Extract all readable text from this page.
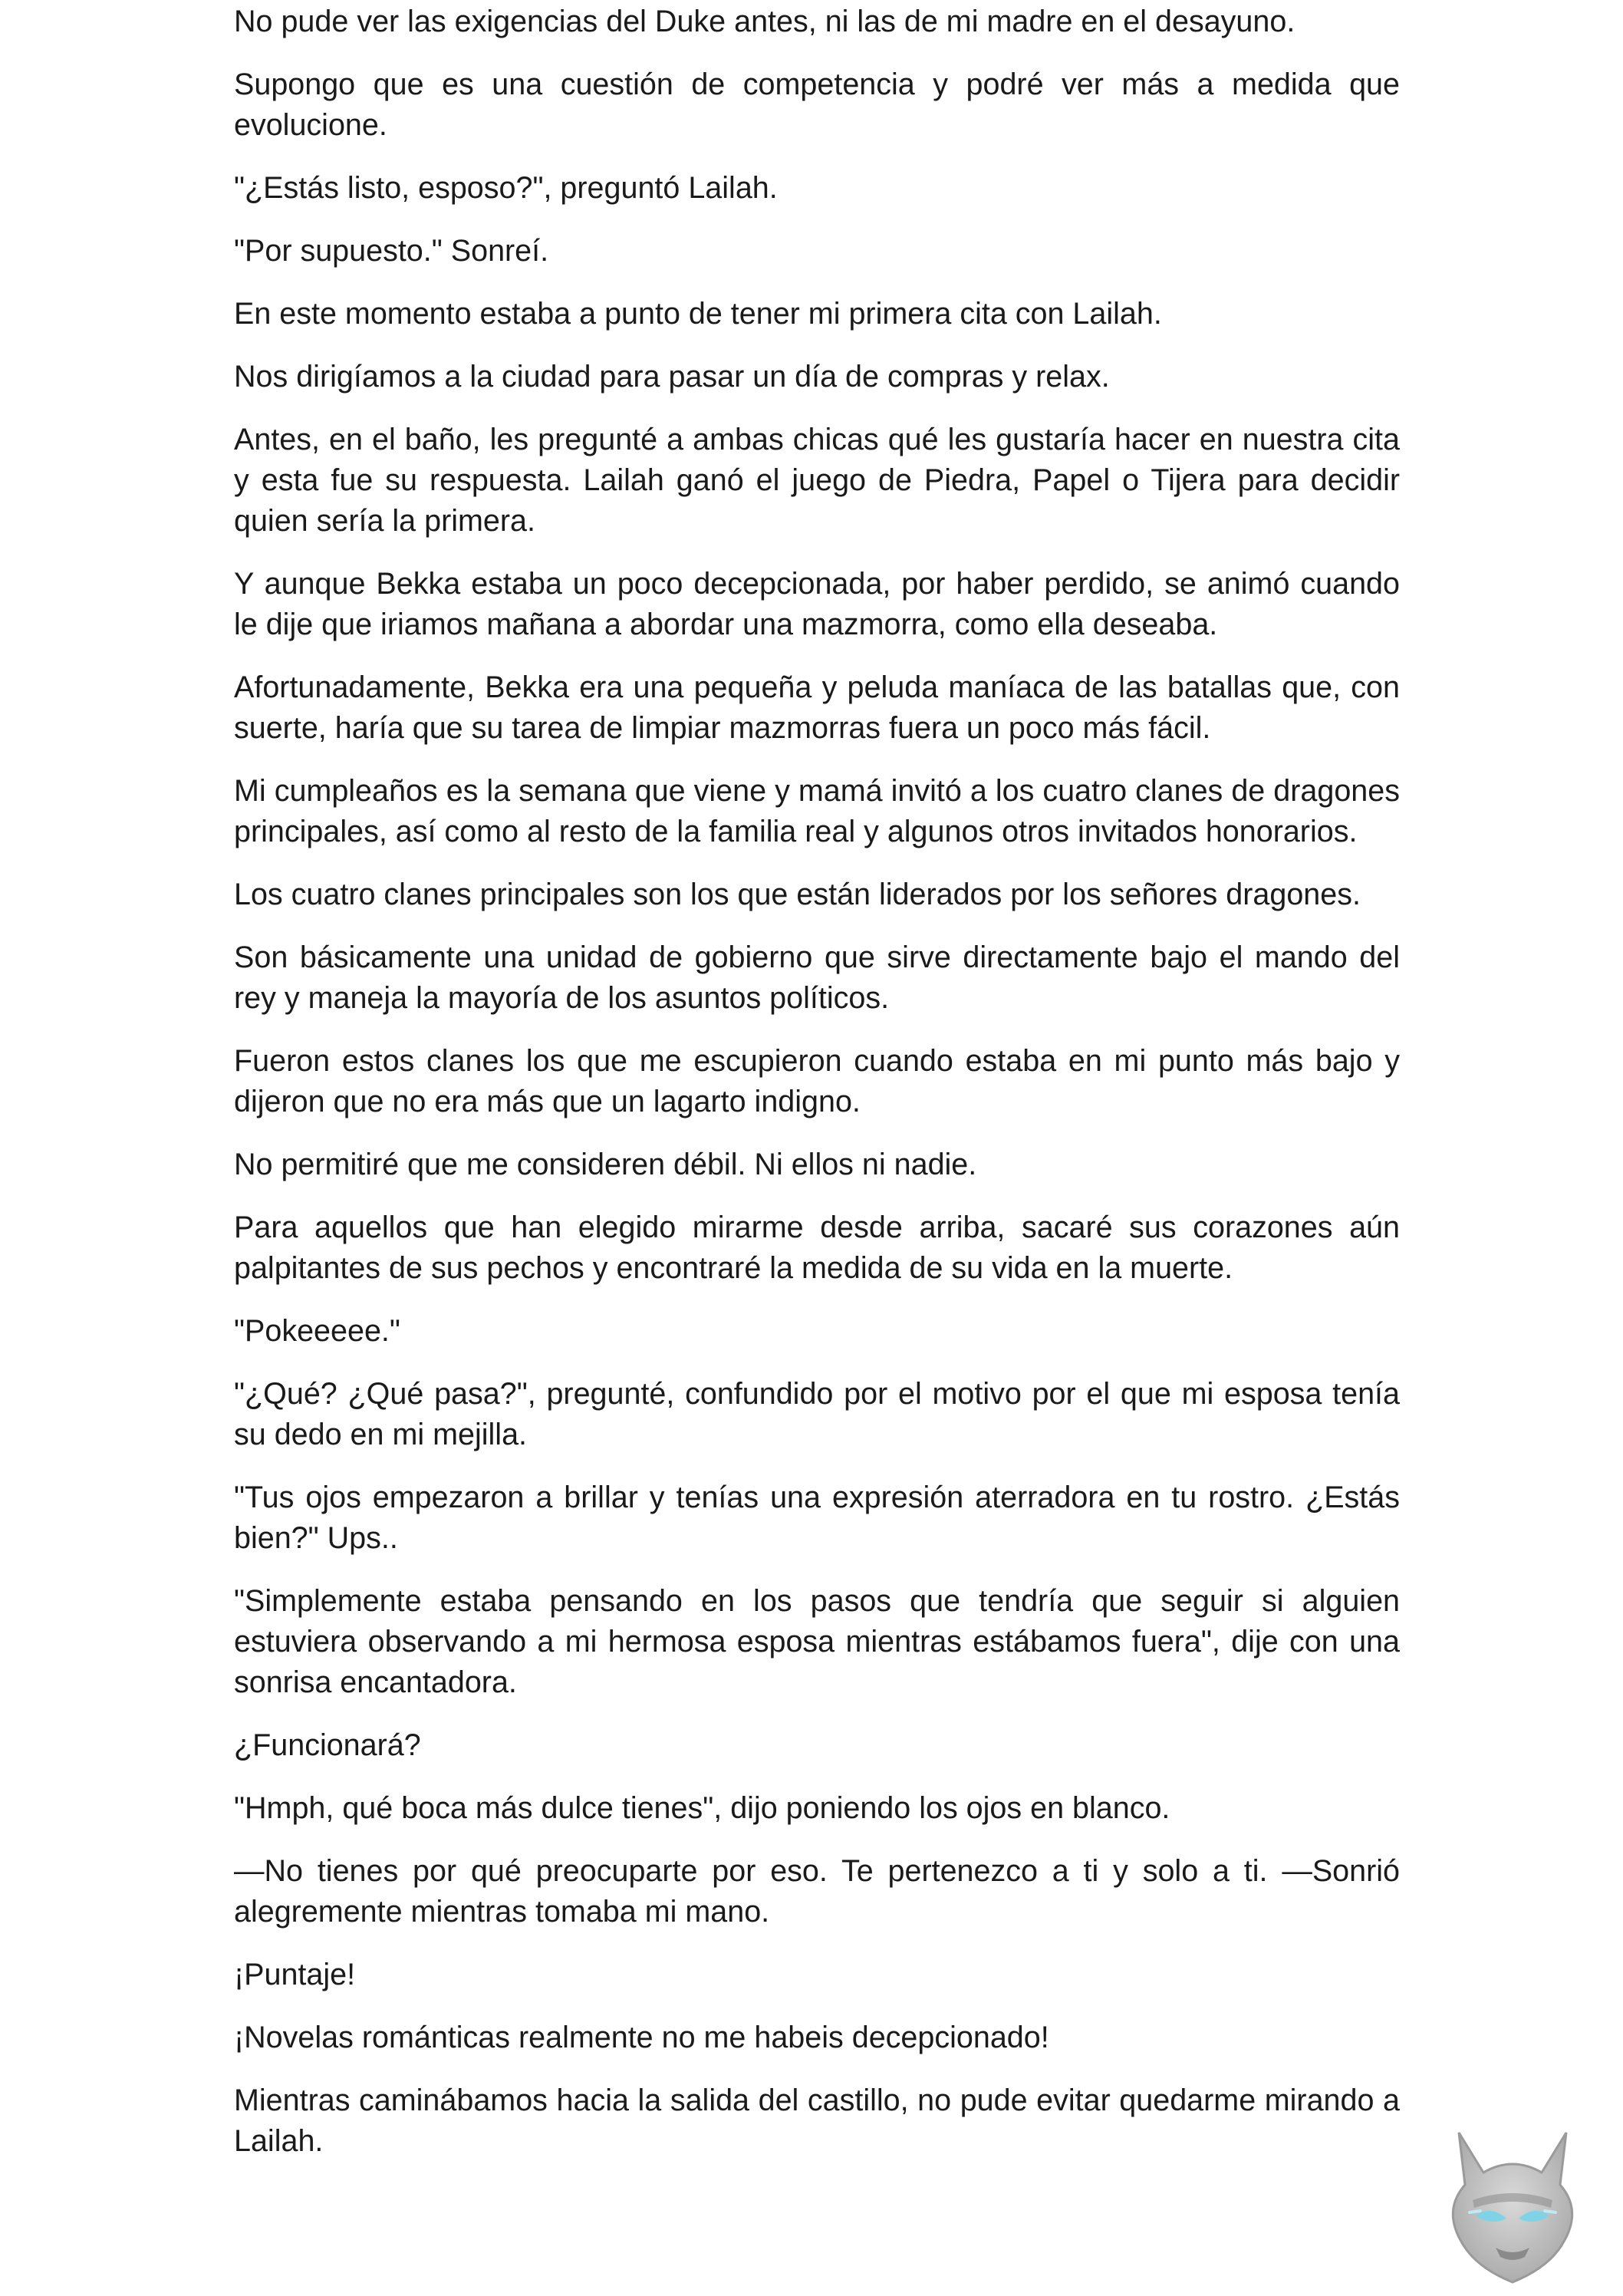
No pude ver las exigencias del Duke antes, ni las de mi madre en el desayuno.

Supongo que es una cuestión de competencia y podré ver más a medida que evolucione.

"¿Estás listo, esposo?", preguntó Lailah.

"Por supuesto." Sonreí.

En este momento estaba a punto de tener mi primera cita con Lailah.

Nos dirigíamos a la ciudad para pasar un día de compras y relax.

Antes, en el baño, les pregunté a ambas chicas qué les gustaría hacer en nuestra cita y esta fue su respuesta. Lailah ganó el juego de Piedra, Papel o Tijera para decidir quien sería la primera.

Y aunque Bekka estaba un poco decepcionada, por haber perdido, se animó cuando le dije que iriamos mañana a abordar una mazmorra, como ella deseaba.

Afortunadamente, Bekka era una pequeña y peluda maníaca de las batallas que, con suerte, haría que su tarea de limpiar mazmorras fuera un poco más fácil.

Mi cumpleaños es la semana que viene y mamá invitó a los cuatro clanes de dragones principales, así como al resto de la familia real y algunos otros invitados honorarios.

Los cuatro clanes principales son los que están liderados por los señores dragones.

Son básicamente una unidad de gobierno que sirve directamente bajo el mando del rey y maneja la mayoría de los asuntos políticos.

Fueron estos clanes los que me escupieron cuando estaba en mi punto más bajo y dijeron que no era más que un lagarto indigno.

No permitiré que me consideren débil. Ni ellos ni nadie.

Para aquellos que han elegido mirarme desde arriba, sacaré sus corazones aún palpitantes de sus pechos y encontraré la medida de su vida en la muerte.

"Pokeeeee."

"¿Qué? ¿Qué pasa?", pregunté, confundido por el motivo por el que mi esposa tenía su dedo en mi mejilla.

"Tus ojos empezaron a brillar y tenías una expresión aterradora en tu rostro. ¿Estás bien?" Ups..

"Simplemente estaba pensando en los pasos que tendría que seguir si alguien estuviera observando a mi hermosa esposa mientras estábamos fuera", dije con una sonrisa encantadora.

¿Funcionará?

"Hmph, qué boca más dulce tienes", dijo poniendo los ojos en blanco.

—No tienes por qué preocuparte por eso. Te pertenezco a ti y solo a ti. —Sonrió alegremente mientras tomaba mi mano.

¡Puntaje!

¡Novelas románticas realmente no me habeis decepcionado!

Mientras caminábamos hacia la salida del castillo, no pude evitar quedarme mirando a Lailah.
